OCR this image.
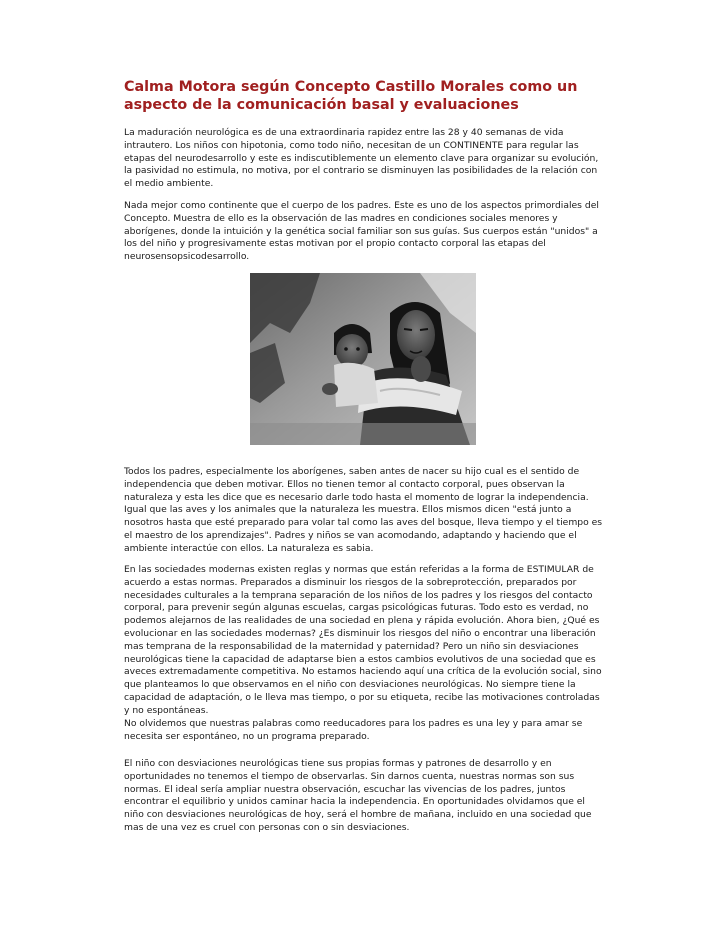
Calma Motora según Concepto Castillo Morales como un aspecto de la comunicación basal y evaluaciones

La maduración neurológica es de una extraordinaria rapidez entre las 28 y 40 semanas de vida intrautero. Los niños con hipotonia, como todo niño, necesitan de un CONTINENTE para regular las etapas del neurodesarrollo y este es indiscutiblemente un elemento clave para organizar su evolución, la pasividad no estimula, no motiva, por el contrario se disminuyen las posibilidades de la relación con el medio ambiente.

Nada mejor como continente que el cuerpo de los padres. Este es uno de los aspectos primordiales del Concepto. Muestra de ello es la observación de las madres en condiciones sociales menores y aborígenes, donde la intuición y la genética social familiar son sus guías. Sus cuerpos están "unidos" a los del niño y progresivamente estas motivan por el propio contacto corporal las etapas del neurosensopsicodesarrollo.

Todos los padres, especialmente los aborígenes, saben antes de nacer su hijo cual es el sentido de independencia que deben motivar. Ellos no tienen temor al contacto corporal, pues observan la naturaleza y esta les dice que es necesario darle todo hasta el momento de lograr la independencia. Igual que las aves y los animales que la naturaleza les muestra. Ellos mismos dicen "está junto a nosotros hasta que esté preparado para volar tal como las aves del bosque, lleva tiempo y el tiempo es el maestro de los aprendizajes". Padres y niños se van acomodando, adaptando y haciendo que el ambiente interactúe con ellos. La naturaleza es sabia.

En las sociedades modernas existen reglas y normas que están referidas a la forma de ESTIMULAR de acuerdo a estas normas. Preparados a disminuir los riesgos de la sobreprotección, preparados por necesidades culturales a la temprana separación de los niños de los padres y los riesgos del contacto corporal, para prevenir según algunas escuelas, cargas psicológicas futuras. Todo esto es verdad, no podemos alejarnos de las realidades de una sociedad en plena y rápida evolución. Ahora bien, ¿Qué es evolucionar en las sociedades modernas? ¿Es disminuir los riesgos del niño o encontrar una liberación mas temprana de la responsabilidad de la maternidad y paternidad? Pero un niño sin desviaciones neurológicas tiene la capacidad de adaptarse bien a estos cambios evolutivos de una sociedad que es aveces extremadamente competitiva. No estamos haciendo aquí una crítica de la evolución social, sino que planteamos lo que observamos en el niño con desviaciones neurológicas. No siempre tiene la capacidad de adaptación, o le lleva mas tiempo, o por su etiqueta, recibe las motivaciones controladas y no espontáneas.

No olvidemos que nuestras palabras como reeducadores para los padres es una ley y para amar se necesita ser espontáneo, no un programa preparado.

El niño con desviaciones neurológicas tiene sus propias formas y patrones de desarrollo y en oportunidades no tenemos el tiempo de observarlas. Sin darnos cuenta, nuestras normas son sus normas. El ideal sería ampliar nuestra observación, escuchar las vivencias de los padres, juntos encontrar el equilibrio y unidos caminar hacia la independencia. En oportunidades olvidamos que el niño con desviaciones neurológicas de hoy, será el hombre de mañana, incluido en una sociedad que mas de una vez es cruel con personas con o sin desviaciones.
